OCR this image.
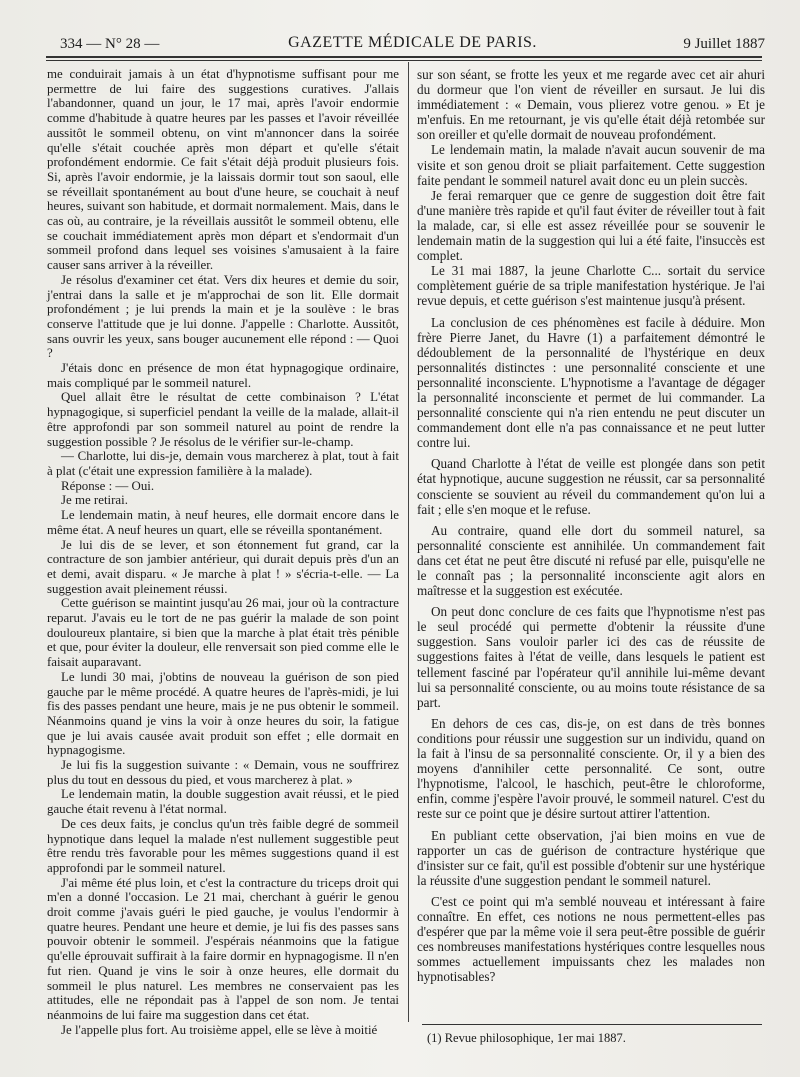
334 — N° 28 —	GAZETTE MÉDICALE DE PARIS.	9 Juillet 1887

me conduirait jamais à un état d'hypnotisme suffisant pour me permettre de lui faire des suggestions curatives. J'allais l'abandonner, quand un jour, le 17 mai, après l'avoir endormie comme d'habitude à quatre heures par les passes et l'avoir réveillée aussitôt le sommeil obtenu, on vint m'annoncer dans la soirée qu'elle s'était couchée après mon départ et qu'elle s'était profondément endormie. Ce fait s'était déjà produit plusieurs fois. Si, après l'avoir endormie, je la laissais dormir tout son saoul, elle se réveillait spontanément au bout d'une heure, se couchait à neuf heures, suivant son habitude, et dormait normalement. Mais, dans le cas où, au contraire, je la réveillais aussitôt le sommeil obtenu, elle se couchait immédiatement après mon départ et s'endormait d'un sommeil profond dans lequel ses voisines s'amusaient à la faire causer sans arriver à la réveiller.

Je résolus d'examiner cet état. Vers dix heures et demie du soir, j'entrai dans la salle et je m'approchai de son lit. Elle dormait profondément ; je lui prends la main et je la soulève : le bras conserve l'attitude que je lui donne. J'appelle : Charlotte. Aussitôt, sans ouvrir les yeux, sans bouger aucunement elle répond : — Quoi ?

J'étais donc en présence de mon état hypnagogique ordinaire, mais compliqué par le sommeil naturel.

Quel allait être le résultat de cette combinaison ? L'état hypnagogique, si superficiel pendant la veille de la malade, allait-il être approfondi par son sommeil naturel au point de rendre la suggestion possible ? Je résolus de le vérifier sur-le-champ.

— Charlotte, lui dis-je, demain vous marcherez à plat, tout à fait à plat (c'était une expression familière à la malade).

Réponse : — Oui.

Je me retirai.

Le lendemain matin, à neuf heures, elle dormait encore dans le même état. A neuf heures un quart, elle se réveilla spontanément.

Je lui dis de se lever, et son étonnement fut grand, car la contracture de son jambier antérieur, qui durait depuis près d'un an et demi, avait disparu. « Je marche à plat ! » s'écria-t-elle. — La suggestion avait pleinement réussi.

Cette guérison se maintint jusqu'au 26 mai, jour où la contracture reparut. J'avais eu le tort de ne pas guérir la malade de son point douloureux plantaire, si bien que la marche à plat était très pénible et que, pour éviter la douleur, elle renversait son pied comme elle le faisait auparavant.

Le lundi 30 mai, j'obtins de nouveau la guérison de son pied gauche par le même procédé. A quatre heures de l'après-midi, je lui fis des passes pendant une heure, mais je ne pus obtenir le sommeil. Néanmoins quand je vins la voir à onze heures du soir, la fatigue que je lui avais causée avait produit son effet ; elle dormait en hypnagogisme.

Je lui fis la suggestion suivante : « Demain, vous ne souffrirez plus du tout en dessous du pied, et vous marcherez à plat. »

Le lendemain matin, la double suggestion avait réussi, et le pied gauche était revenu à l'état normal.

De ces deux faits, je conclus qu'un très faible degré de sommeil hypnotique dans lequel la malade n'est nullement suggestible peut être rendu très favorable pour les mêmes suggestions quand il est approfondi par le sommeil naturel.

J'ai même été plus loin, et c'est la contracture du triceps droit qui m'en a donné l'occasion. Le 21 mai, cherchant à guérir le genou droit comme j'avais guéri le pied gauche, je voulus l'endormir à quatre heures. Pendant une heure et demie, je lui fis des passes sans pouvoir obtenir le sommeil. J'espérais néanmoins que la fatigue qu'elle éprouvait suffirait à la faire dormir en hypnagogisme. Il n'en fut rien. Quand je vins le soir à onze heures, elle dormait du sommeil le plus naturel. Les membres ne conservaient pas les attitudes, elle ne répondait pas à l'appel de son nom. Je tentai néanmoins de lui faire ma suggestion dans cet état.

Je l'appelle plus fort. Au troisième appel, elle se lève à moitié

sur son séant, se frotte les yeux et me regarde avec cet air ahuri du dormeur que l'on vient de réveiller en sursaut. Je lui dis immédiatement : « Demain, vous plierez votre genou. » Et je m'enfuis. En me retournant, je vis qu'elle était déjà retombée sur son oreiller et qu'elle dormait de nouveau profondément.

Le lendemain matin, la malade n'avait aucun souvenir de ma visite et son genou droit se pliait parfaitement. Cette suggestion faite pendant le sommeil naturel avait donc eu un plein succès.

Je ferai remarquer que ce genre de suggestion doit être fait d'une manière très rapide et qu'il faut éviter de réveiller tout à fait la malade, car, si elle est assez réveillée pour se souvenir le lendemain matin de la suggestion qui lui a été faite, l'insuccès est complet.

Le 31 mai 1887, la jeune Charlotte C... sortait du service complètement guérie de sa triple manifestation hystérique. Je l'ai revue depuis, et cette guérison s'est maintenue jusqu'à présent.

La conclusion de ces phénomènes est facile à déduire. Mon frère Pierre Janet, du Havre (1) a parfaitement démontré le dédoublement de la personnalité de l'hystérique en deux personnalités distinctes : une personnalité consciente et une personnalité inconsciente. L'hypnotisme a l'avantage de dégager la personnalité inconsciente et permet de lui commander. La personnalité consciente qui n'a rien entendu ne peut discuter un commandement dont elle n'a pas connaissance et ne peut lutter contre lui.

Quand Charlotte à l'état de veille est plongée dans son petit état hypnotique, aucune suggestion ne réussit, car sa personnalité consciente se souvient au réveil du commandement qu'on lui a fait ; elle s'en moque et le refuse.

Au contraire, quand elle dort du sommeil naturel, sa personnalité consciente est annihilée. Un commandement fait dans cet état ne peut être discuté ni refusé par elle, puisqu'elle ne le connaît pas ; la personnalité inconsciente agit alors en maîtresse et la suggestion est exécutée.

On peut donc conclure de ces faits que l'hypnotisme n'est pas le seul procédé qui permette d'obtenir la réussite d'une suggestion. Sans vouloir parler ici des cas de réussite de suggestions faites à l'état de veille, dans lesquels le patient est tellement fasciné par l'opérateur qu'il annihile lui-même devant lui sa personnalité consciente, ou au moins toute résistance de sa part.

En dehors de ces cas, dis-je, on est dans de très bonnes conditions pour réussir une suggestion sur un individu, quand on la fait à l'insu de sa personnalité consciente. Or, il y a bien des moyens d'annihiler cette personnalité. Ce sont, outre l'hypnotisme, l'alcool, le haschich, peut-être le chloroforme, enfin, comme j'espère l'avoir prouvé, le sommeil naturel. C'est du reste sur ce point que je désire surtout attirer l'attention.

En publiant cette observation, j'ai bien moins en vue de rapporter un cas de guérison de contracture hystérique que d'insister sur ce fait, qu'il est possible d'obtenir sur une hystérique la réussite d'une suggestion pendant le sommeil naturel.

C'est ce point qui m'a semblé nouveau et intéressant à faire connaître. En effet, ces notions ne nous permettent-elles pas d'espérer que par la même voie il sera peut-être possible de guérir ces nombreuses manifestations hystériques contre lesquelles nous sommes actuellement impuissants chez les malades non hypnotisables?

(1) Revue philosophique, 1er mai 1887.
